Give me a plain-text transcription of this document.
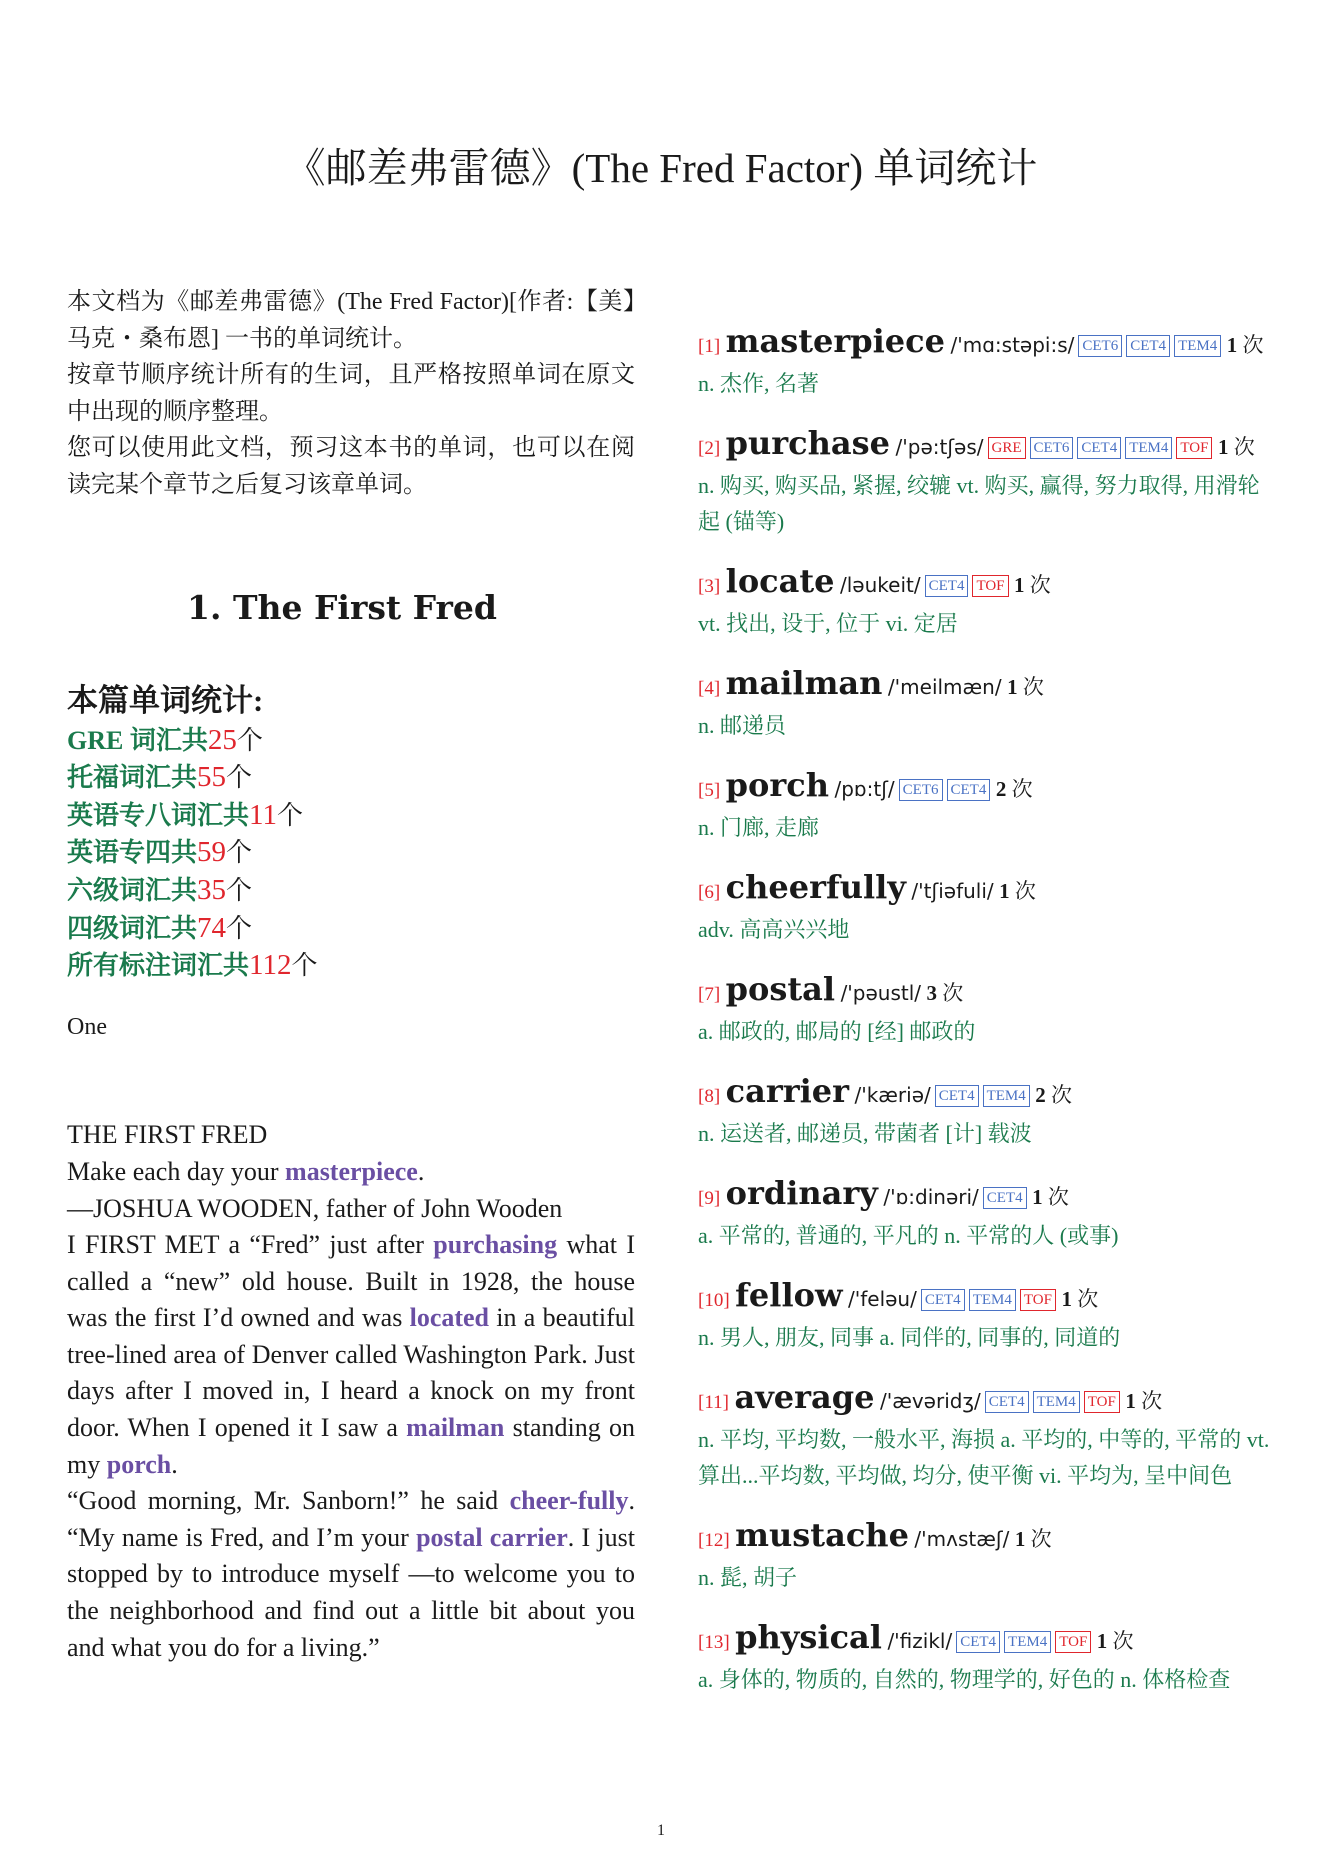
《邮差弗雷德》(The Fred Factor) 单词统计

本文档为《邮差弗雷德》(The Fred Factor)[作者:【美】马克・桑布恩] 一书的单词统计。

按章节顺序统计所有的生词，且严格按照单词在原文中出现的顺序整理。

您可以使用此文档，预习这本书的单词，也可以在阅读完某个章节之后复习该章单词。

1. The First Fred
本篇单词统计:
GRE 词汇共25个
托福词汇共55个
英语专八词汇共11个
英语专四共59个
六级词汇共35个
四级词汇共74个
所有标注词汇共112个
One

THE FIRST FRED

Make each day your masterpiece.

—JOSHUA WOODEN, father of John Wooden

I FIRST MET a “Fred” just after purchasing what I called a “new” old house. Built in 1928, the house was the first I’d owned and was located in a beautiful tree-lined area of Denver called Washington Park. Just days after I moved in, I heard a knock on my front door. When I opened it I saw a mailman standing on my porch.

“Good morning, Mr. Sanborn!” he said cheer-fully. “My name is Fred, and I’m your postal carrier. I just stopped by to introduce myself —to welcome you to the neighborhood and find out a little bit about you and what you do for a living.”

[1] masterpiece /'mɑ:stəpi:s/ CET6 CET4 TEM4 1 次
n. 杰作, 名著
[2] purchase /'pə:tʃəs/ GRE CET6 CET4 TEM4 TOF 1 次
n. 购买, 购买品, 紧握, 绞辘 vt. 购买, 赢得, 努力取得, 用滑轮起 (锚等)
[3] locate /ləukeit/ CET4 TOF 1 次
vt. 找出, 设于, 位于 vi. 定居
[4] mailman /'meilmæn/ 1 次
n. 邮递员
[5] porch /pɒ:tʃ/ CET6 CET4 2 次
n. 门廊, 走廊
[6] cheerfully /'tʃiəfuli/ 1 次
adv. 高高兴兴地
[7] postal /'pəustl/ 3 次
a. 邮政的, 邮局的 [经] 邮政的
[8] carrier /'kæriə/ CET4 TEM4 2 次
n. 运送者, 邮递员, 带菌者 [计] 载波
[9] ordinary /'ɒ:dinəri/ CET4 1 次
a. 平常的, 普通的, 平凡的 n. 平常的人 (或事)
[10] fellow /'feləu/ CET4 TEM4 TOF 1 次
n. 男人, 朋友, 同事 a. 同伴的, 同事的, 同道的
[11] average /'ævəridʒ/ CET4 TEM4 TOF 1 次
n. 平均, 平均数, 一般水平, 海损 a. 平均的, 中等的, 平常的 vt. 算出...平均数, 平均做, 均分, 使平衡 vi. 平均为, 呈中间色
[12] mustache /'mʌstæʃ/ 1 次
n. 髭, 胡子
[13] physical /'fizikl/ CET4 TEM4 TOF 1 次
a. 身体的, 物质的, 自然的, 物理学的, 好色的 n. 体格检查
1
